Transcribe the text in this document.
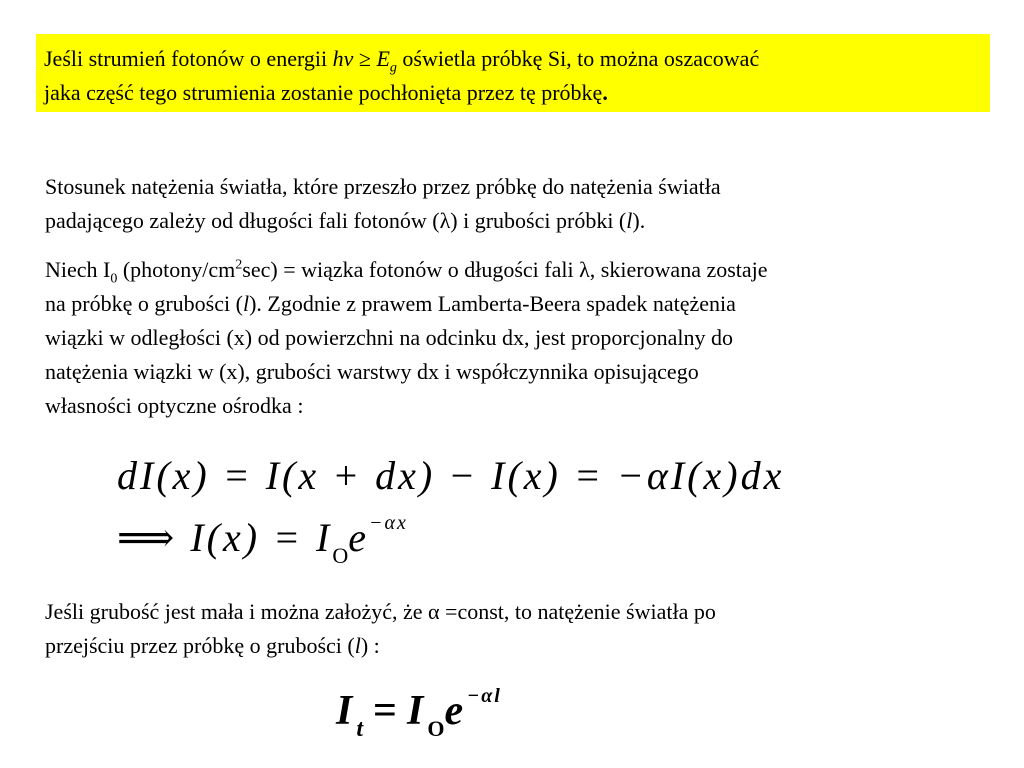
Jeśli strumień fotonów o energii hv ≥ $E_g$ oświetla próbkę Si, to można oszacować
jaka część tego strumienia zostanie pochłonięta przez tę próbkę.
Stosunek natężenia światła, które przeszło przez próbkę do natężenia światła
padającego zależy od długości fali fotonów (λ) i grubości próbki (l).
Niech $I_0$ $(photony/cm^2\sec)$ = wiązka fotonów o długości fali λ, skierowana zostaje
na próbkę o grubości (l). Zgodnie z prawem Lamberta-Beera spadek natężenia
wiązki w odległości (x) od powierzchni na odcinku dx, jest proporcjonalny do
natężenia wiązki w (x), grubości warstwy dx i współczynnika opisującego
własności optyczne ośrodka :
dI(x) = I(x + dx) − I(x) = −αI(x)dx
⟹ $I(x) = I_Oe^{-\alpha x}$
Jeśli grubość jest mała i można założyć, że α =const, to natężenie światła po
przejściu przez próbkę o grubości (l) :
$I_t = I_Oe^{-\alpha l}$
